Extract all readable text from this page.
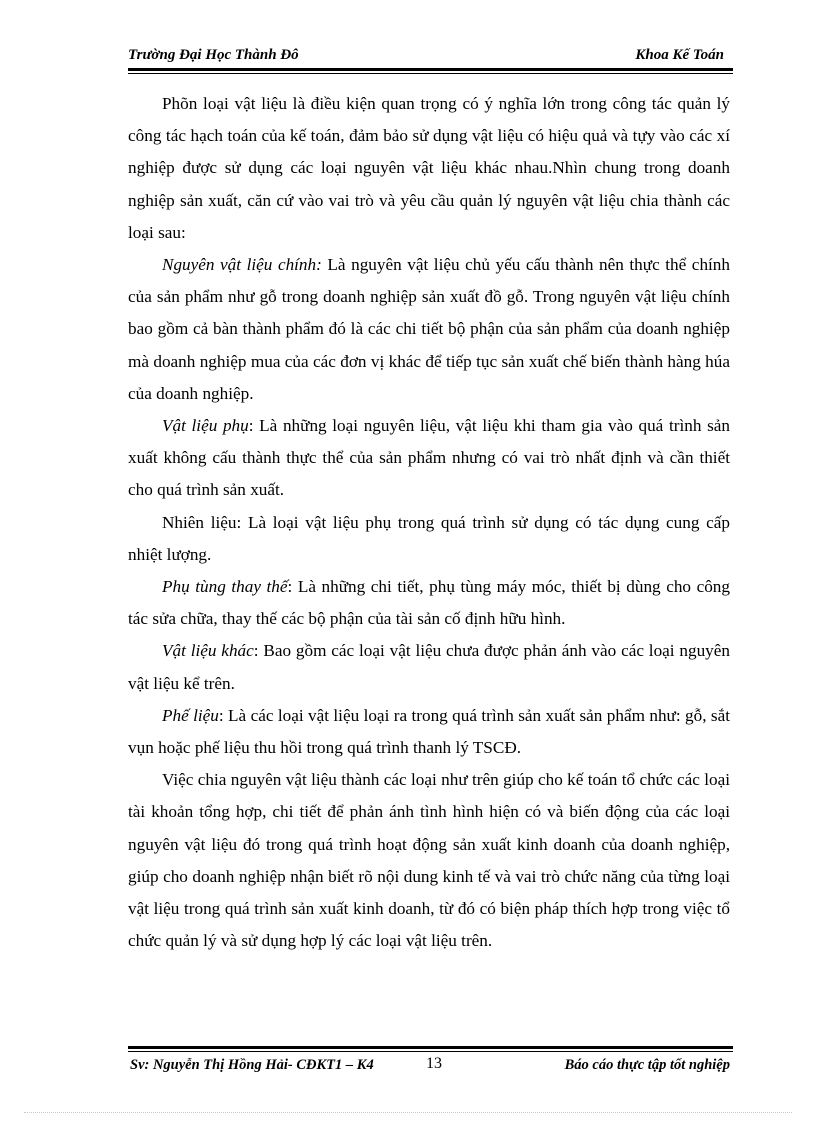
Trường Đại Học Thành Đô	Khoa Kế Toán

Phõn loại vật liệu là điều kiện quan trọng có ý nghĩa lớn trong công tác quản lý công tác hạch toán của kế toán, đảm bảo sử dụng vật liệu có hiệu quả và tựy vào các xí nghiệp được sử dụng các loại nguyên vật liệu khác nhau.Nhìn chung trong doanh nghiệp sản xuất, căn cứ vào vai trò và yêu cầu quản lý nguyên vật liệu chia thành các loại sau:

Nguyên vật liệu chính: Là nguyên vật liệu chủ yếu cấu thành nên thực thể chính của sản phẩm như gỗ trong doanh nghiệp sản xuất đồ gỗ. Trong nguyên vật liệu chính bao gồm cả bàn thành phẩm đó là các chi tiết bộ phận của sản phẩm của doanh nghiệp mà doanh nghiệp mua của các đơn vị khác để tiếp tục sản xuất chế biến thành hàng húa của doanh nghiệp.

Vật liệu phụ: Là những loại nguyên liệu, vật liệu khi tham gia vào quá trình sản xuất không cấu thành thực thể của sản phẩm nhưng có vai trò nhất định và cần thiết cho quá trình sản xuất.

Nhiên liệu: Là loại vật liệu phụ trong quá trình sử dụng có tác dụng cung cấp nhiệt lượng.

Phụ tùng thay thế: Là những chi tiết, phụ tùng máy móc, thiết bị dùng cho công tác sửa chữa, thay thế các bộ phận của tài sản cố định hữu hình.

Vật liệu khác: Bao gồm các loại vật liệu chưa được phản ánh vào các loại nguyên vật liệu kể trên.

Phế liệu: Là các loại vật liệu loại ra trong quá trình sản xuất sản phẩm như: gỗ, sắt vụn hoặc phế liệu thu hồi trong quá trình thanh lý TSCĐ.

Việc chia nguyên vật liệu thành các loại như trên giúp cho kế toán tổ chức các loại tài khoản tổng hợp, chi tiết để phản ánh tình hình hiện có và biến động của các loại nguyên vật liệu đó trong quá trình hoạt động sản xuất kinh doanh của doanh nghiệp, giúp cho doanh nghiệp nhận biết rõ nội dung kinh tế và vai trò chức năng của từng loại vật liệu trong quá trình sản xuất kinh doanh, từ đó có biện pháp thích hợp trong việc tổ chức quản lý và sử dụng hợp lý các loại vật liệu trên.

Sv: Nguyễn Thị Hồng Hải- CĐKT1 – K4	13	Báo cáo thực tập tốt nghiệp
